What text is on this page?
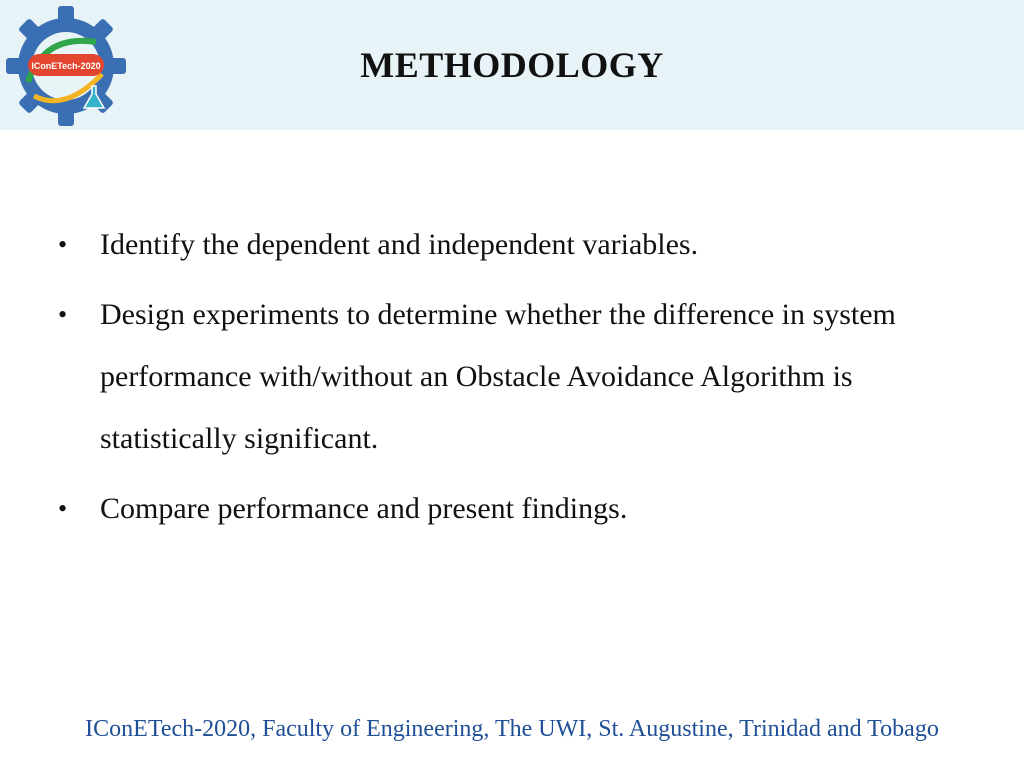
IConETech-2020	METHODOLOGY
• Identify the dependent and independent variables.
• Design experiments to determine whether the difference in system performance with/without an Obstacle Avoidance Algorithm is statistically significant.
• Compare performance and present findings.
IConETech-2020, Faculty of Engineering, The UWI, St. Augustine, Trinidad and Tobago
